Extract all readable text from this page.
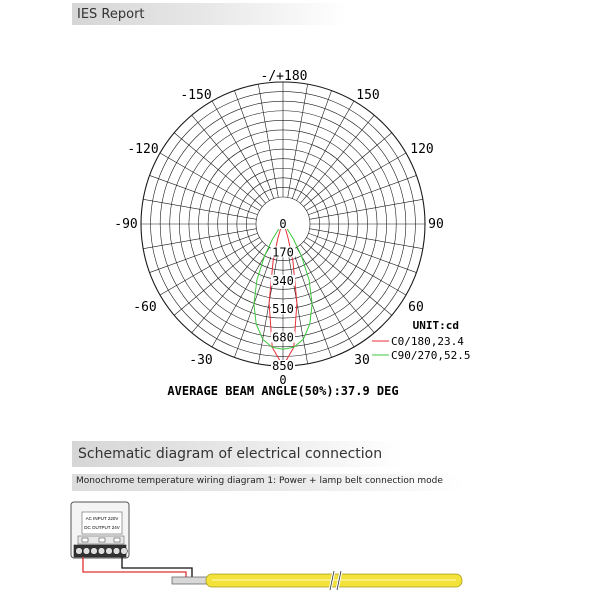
IES Report
-/+180
-150	150
-120	120
-90	90
-60	60
-30	30
0
0
170
340
510
680
850
UNIT:cd
C0/180,23.4
C90/270,52.5
AVERAGE BEAM ANGLE(50%):37.9 DEG
Schematic diagram of electrical connection
Monochrome temperature wiring diagram 1: Power + lamp belt connection mode
AC INPUT 220V
DC OUTPUT 24V
